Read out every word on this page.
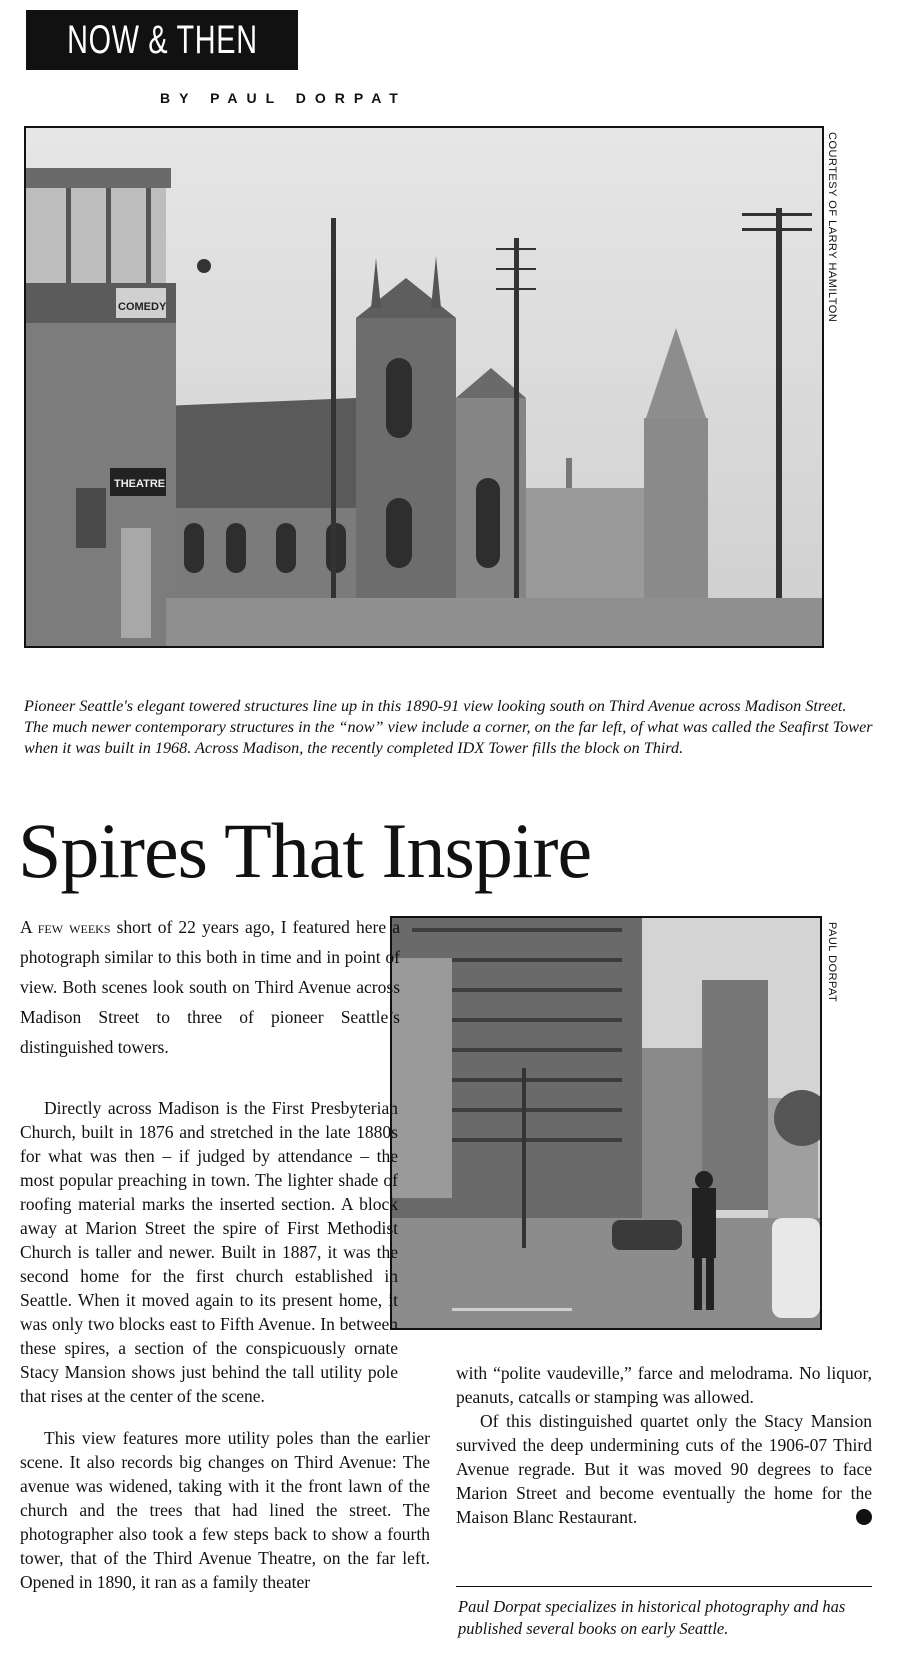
NOW & THEN
BY PAUL DORPAT
COMEDY
THEATRE
COURTESY OF LARRY HAMILTON
Pioneer Seattle's elegant towered structures line up in this 1890-91 view looking south on Third Avenue across Madison Street. The much newer contemporary structures in the “now” view include a corner, on the far left, of what was called the Seafirst Tower when it was built in 1968. Across Madison, the recently completed IDX Tower fills the block on Third.
Spires That Inspire
PAUL DORPAT

A few weeks short of 22 years ago, I featured here a photograph similar to this both in time and in point of view. Both scenes look south on Third Avenue across Madison Street to three of pioneer Seattle’s distinguished towers.

Directly across Madison is the First Presbyterian Church, built in 1876 and stretched in the late 1880s for what was then – if judged by attendance – the most popular preaching in town. The lighter shade of roofing material marks the inserted section. A block away at Marion Street the spire of First Methodist Church is taller and newer. Built in 1887, it was the second home for the first church established in Seattle. When it moved again to its present home, it was only two blocks east to Fifth Avenue. In between these spires, a section of the conspicuously ornate Stacy Mansion shows just behind the tall utility pole that rises at the center of the scene.

This view features more utility poles than the earlier scene. It also records big changes on Third Avenue: The avenue was widened, taking with it the front lawn of the church and the trees that had lined the street. The photographer also took a few steps back to show a fourth tower, that of the Third Avenue Theatre, on the far left. Opened in 1890, it ran as a family theater

with “polite vaudeville,” farce and melodrama. No liquor, peanuts, catcalls or stamping was allowed.

Of this distinguished quartet only the Stacy Mansion survived the deep undermining cuts of the 1906-07 Third Avenue regrade. But it was moved 90 degrees to face Marion Street and become eventually the home for the Maison Blanc Restaurant.	P

Paul Dorpat specializes in historical photography and has published several books on early Seattle.
